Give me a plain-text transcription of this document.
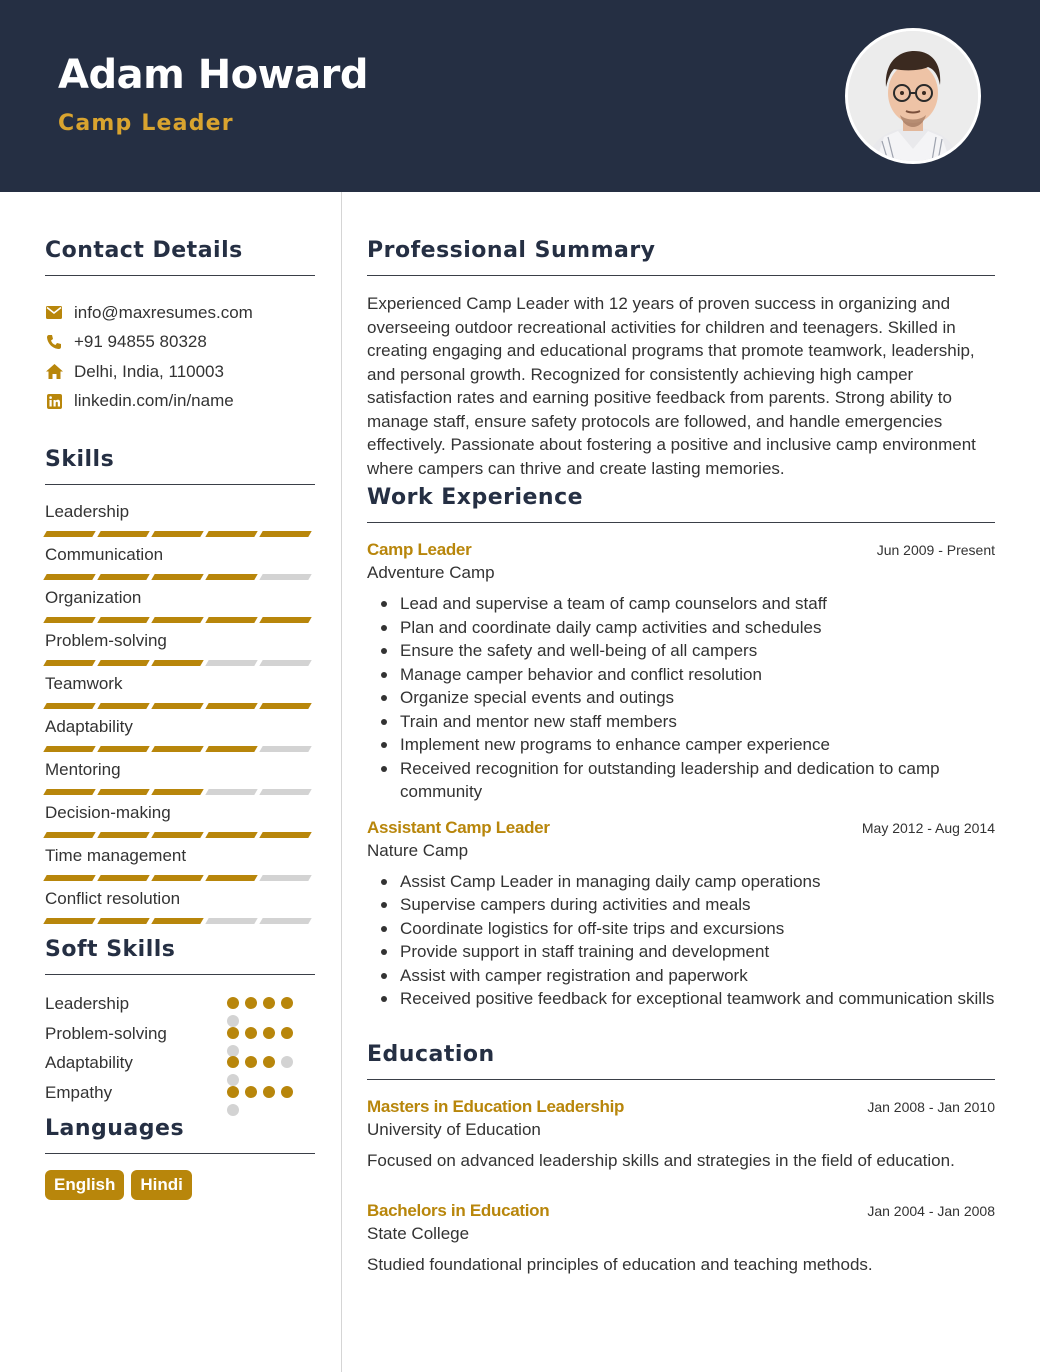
Adam Howard
Camp Leader
Contact Details
info@maxresumes.com
+91 94855 80328
Delhi, India, 110003
linkedin.com/in/name
Skills
Leadership
Communication
Organization
Problem-solving
Teamwork
Adaptability
Mentoring
Decision-making
Time management
Conflict resolution
Soft Skills
Leadership
Problem-solving
Adaptability
Empathy
Languages
English	Hindi
Professional Summary
Experienced Camp Leader with 12 years of proven success in organizing and overseeing outdoor recreational activities for children and teenagers. Skilled in creating engaging and educational programs that promote teamwork, leadership, and personal growth. Recognized for consistently achieving high camper satisfaction rates and earning positive feedback from parents. Strong ability to manage staff, ensure safety protocols are followed, and handle emergencies effectively. Passionate about fostering a positive and inclusive camp environment where campers can thrive and create lasting memories.
Work Experience
Camp Leader	Jun 2009 - Present
Adventure Camp
Lead and supervise a team of camp counselors and staff
Plan and coordinate daily camp activities and schedules
Ensure the safety and well-being of all campers
Manage camper behavior and conflict resolution
Organize special events and outings
Train and mentor new staff members
Implement new programs to enhance camper experience
Received recognition for outstanding leadership and dedication to camp community
Assistant Camp Leader	May 2012 - Aug 2014
Nature Camp
Assist Camp Leader in managing daily camp operations
Supervise campers during activities and meals
Coordinate logistics for off-site trips and excursions
Provide support in staff training and development
Assist with camper registration and paperwork
Received positive feedback for exceptional teamwork and communication skills
Education
Masters in Education Leadership	Jan 2008 - Jan 2010
University of Education
Focused on advanced leadership skills and strategies in the field of education.
Bachelors in Education	Jan 2004 - Jan 2008
State College
Studied foundational principles of education and teaching methods.
